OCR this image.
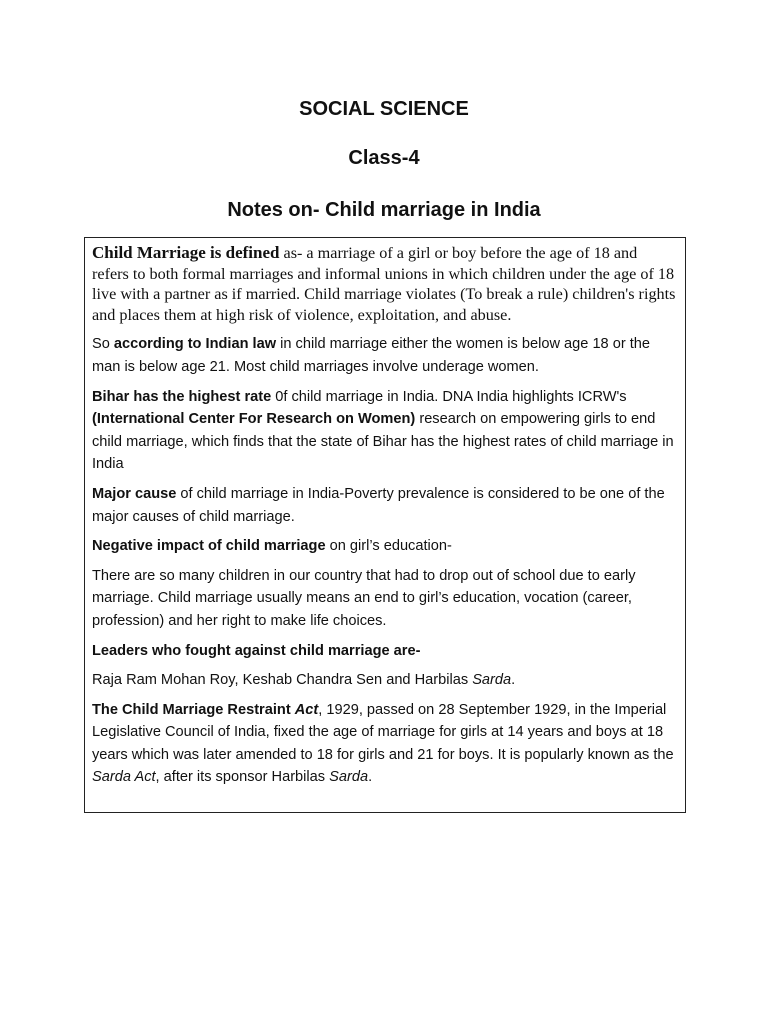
SOCIAL SCIENCE
Class-4
Notes on- Child marriage in India

Child Marriage is defined as- a marriage of a girl or boy before the age of 18 and refers to both formal marriages and informal unions in which children under the age of 18 live with a partner as if married. Child marriage violates (To break a rule) children's rights and places them at high risk of violence, exploitation, and abuse.

So according to Indian law in child marriage either the women is below age 18 or the man is below age 21. Most child marriages involve underage women.

Bihar has the highest rate 0f child marriage in India. DNA India highlights ICRW's (International Center For Research on Women) research on empowering girls to end child marriage, which finds that the state of Bihar has the highest rates of child marriage in India

Major cause of child marriage in India-Poverty prevalence is considered to be one of the major causes of child marriage.

Negative impact of child marriage on girl’s education-

There are so many children in our country that had to drop out of school due to early marriage. Child marriage usually means an end to girl’s education, vocation (career, profession) and her right to make life choices.

Leaders who fought against child marriage are-

Raja Ram Mohan Roy, Keshab Chandra Sen and Harbilas Sarda.

The Child Marriage Restraint Act, 1929, passed on 28 September 1929, in the Imperial Legislative Council of India, fixed the age of marriage for girls at 14 years and boys at 18 years which was later amended to 18 for girls and 21 for boys. It is popularly known as the Sarda Act, after its sponsor Harbilas Sarda.
